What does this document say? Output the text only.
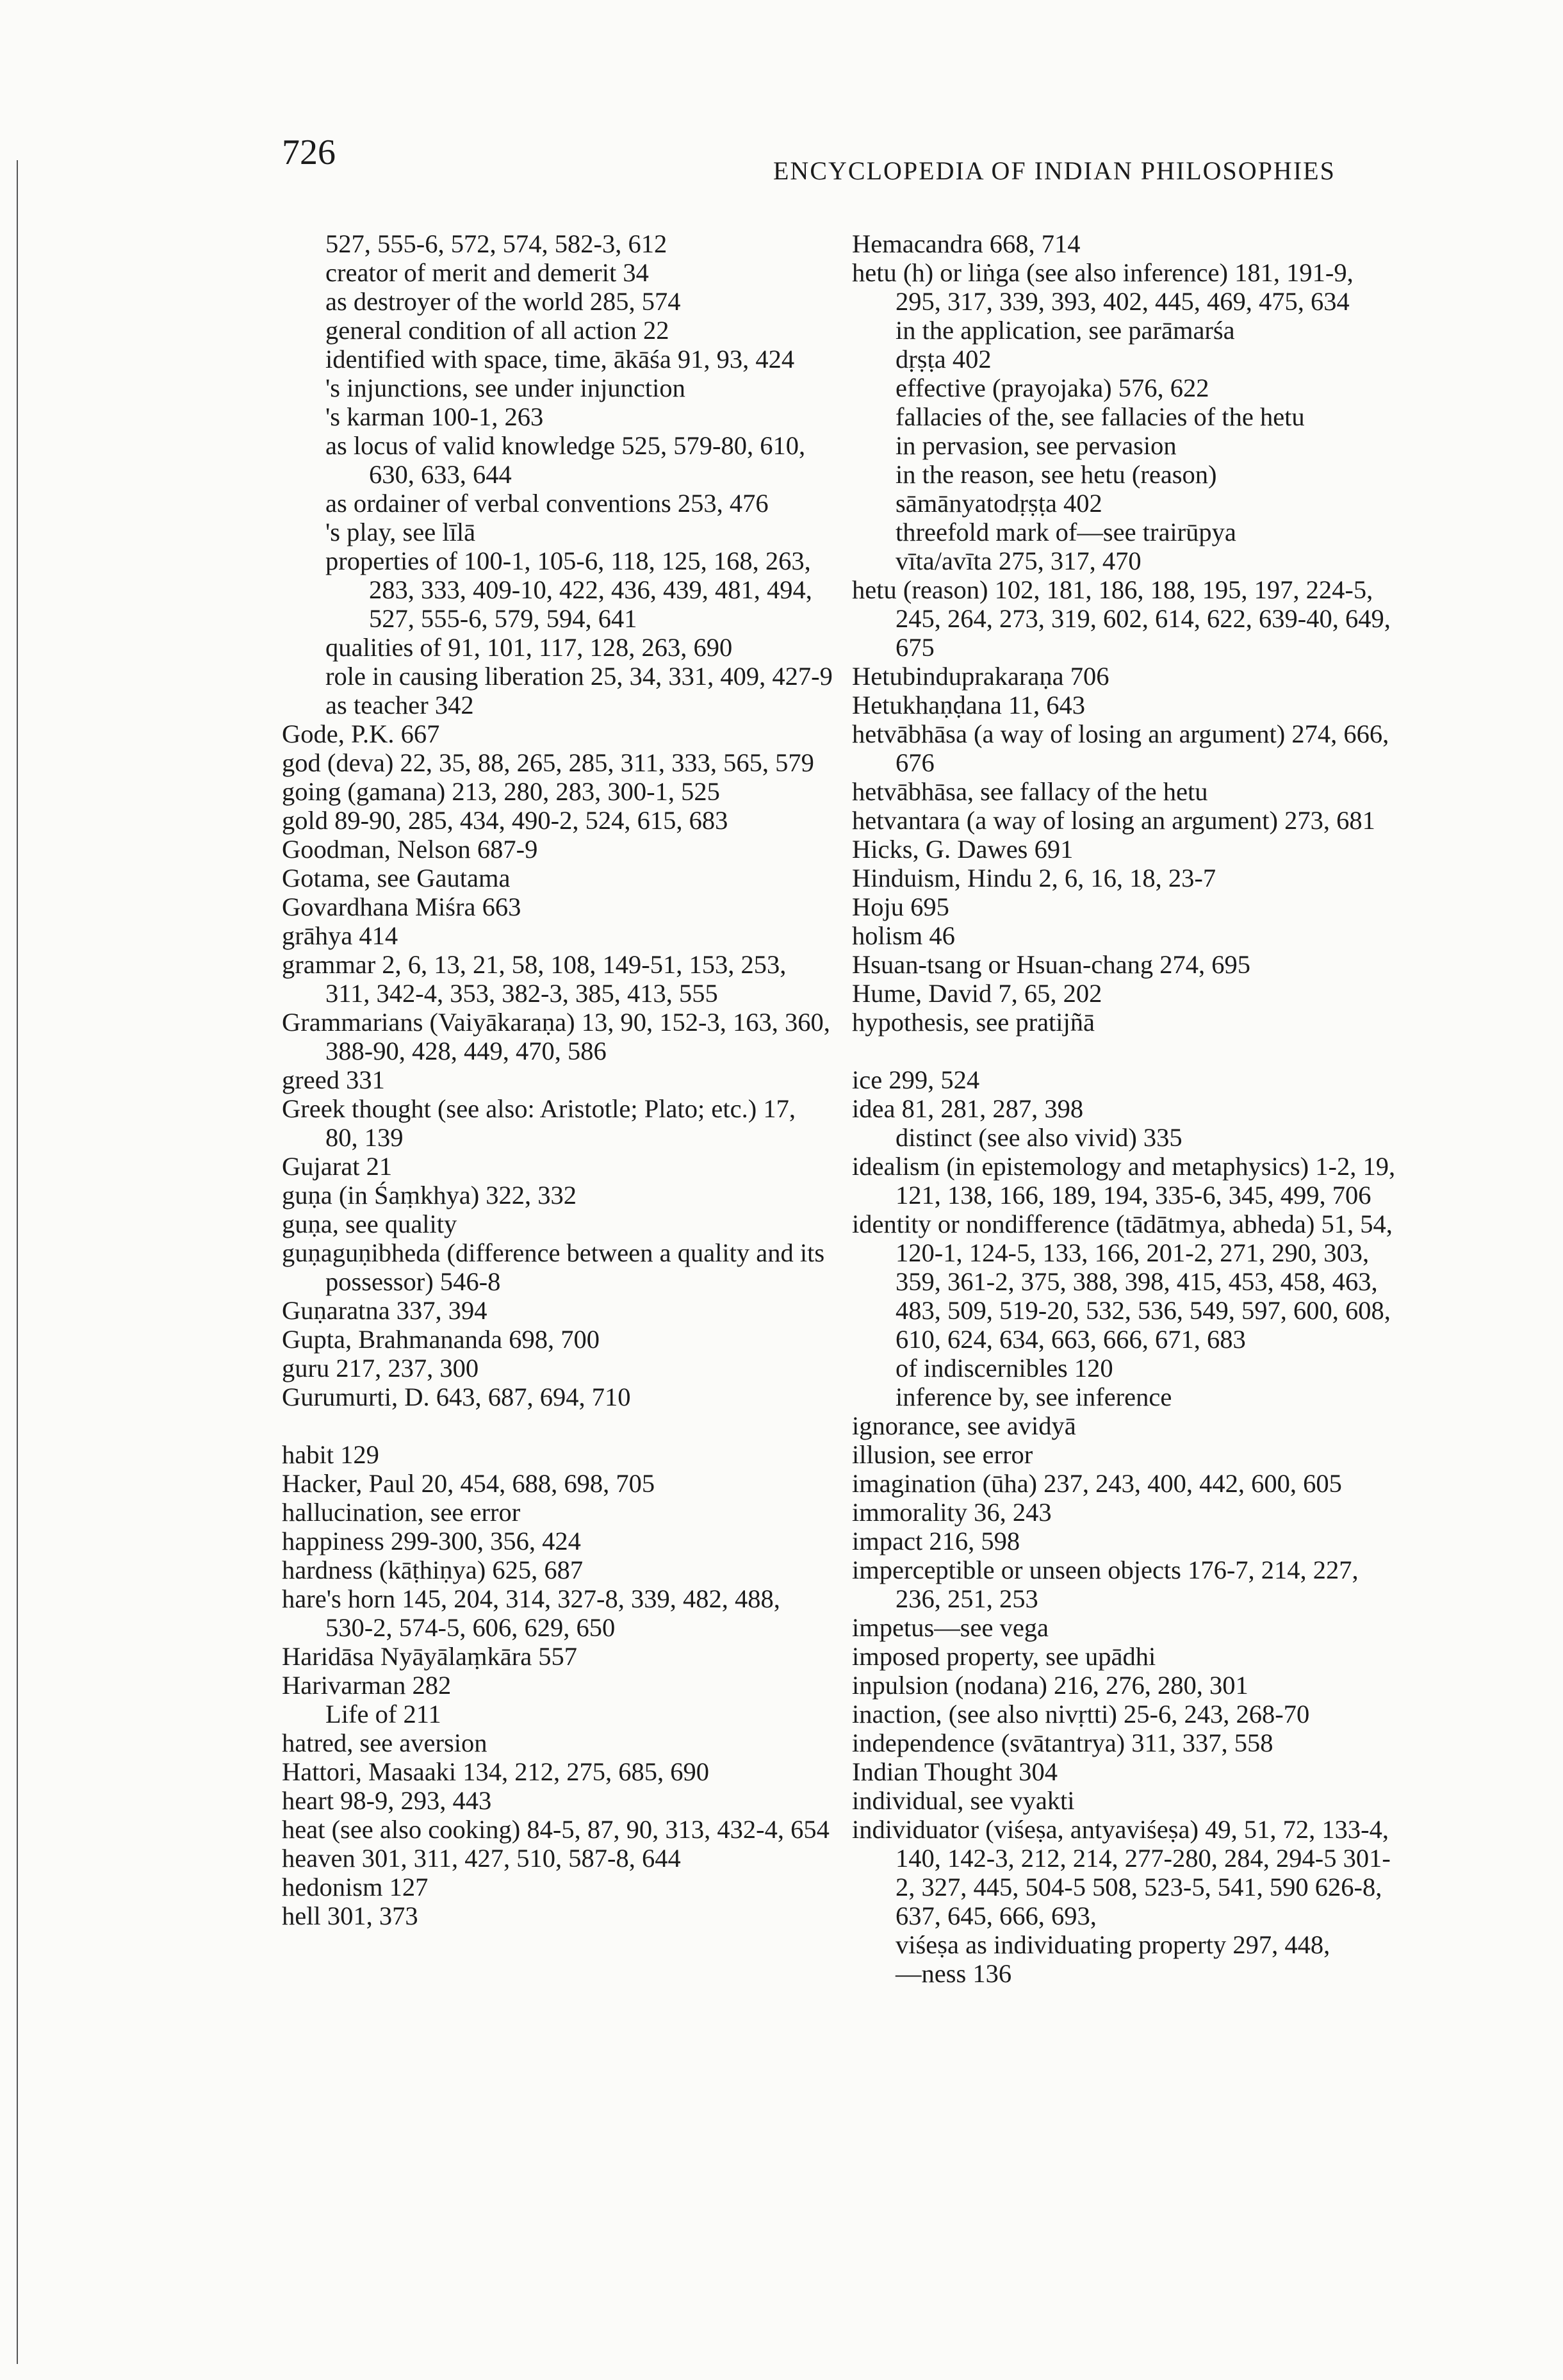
726	ENCYCLOPEDIA OF INDIAN PHILOSOPHIES
527, 555-6, 572, 574, 582-3, 612
creator of merit and demerit 34
as destroyer of the world 285, 574
general condition of all action 22
identified with space, time, ākāśa 91, 93, 424
's injunctions, see under injunction
's karman 100-1, 263
as locus of valid knowledge 525, 579-80, 610, 630, 633, 644
as ordainer of verbal conventions 253, 476
's play, see līlā
properties of 100-1, 105-6, 118, 125, 168, 263, 283, 333, 409-10, 422, 436, 439, 481, 494, 527, 555-6, 579, 594, 641
qualities of 91, 101, 117, 128, 263, 690
role in causing liberation 25, 34, 331, 409, 427-9
as teacher 342
Gode, P.K. 667
god (deva) 22, 35, 88, 265, 285, 311, 333, 565, 579
going (gamana) 213, 280, 283, 300-1, 525
gold 89-90, 285, 434, 490-2, 524, 615, 683
Goodman, Nelson 687-9
Gotama, see Gautama
Govardhana Miśra 663
grāhya 414
grammar 2, 6, 13, 21, 58, 108, 149-51, 153, 253, 311, 342-4, 353, 382-3, 385, 413, 555
Grammarians (Vaiyākaraṇa) 13, 90, 152-3, 163, 360, 388-90, 428, 449, 470, 586
greed 331
Greek thought (see also: Aristotle; Plato; etc.) 17, 80, 139
Gujarat 21
guṇa (in Śaṃkhya) 322, 332
guṇa, see quality
guṇaguṇibheda (difference between a quality and its possessor) 546-8
Guṇaratna 337, 394
Gupta, Brahmananda 698, 700
guru 217, 237, 300
Gurumurti, D. 643, 687, 694, 710
habit 129
Hacker, Paul 20, 454, 688, 698, 705
hallucination, see error
happiness 299-300, 356, 424
hardness (kāṭhiṇya) 625, 687
hare's horn 145, 204, 314, 327-8, 339, 482, 488, 530-2, 574-5, 606, 629, 650
Haridāsa Nyāyālaṃkāra 557
Harivarman 282
Life of 211
hatred, see aversion
Hattori, Masaaki 134, 212, 275, 685, 690
heart 98-9, 293, 443
heat (see also cooking) 84-5, 87, 90, 313, 432-4, 654
heaven 301, 311, 427, 510, 587-8, 644
hedonism 127
hell 301, 373
Hemacandra 668, 714
hetu (h) or liṅga (see also inference) 181, 191-9, 295, 317, 339, 393, 402, 445, 469, 475, 634
in the application, see parāmarśa
dṛṣṭa 402
effective (prayojaka) 576, 622
fallacies of the, see fallacies of the hetu
in pervasion, see pervasion
in the reason, see hetu (reason)
sāmānyatodṛṣṭa 402
threefold mark of—see trairūpya
vīta/avīta 275, 317, 470
hetu (reason) 102, 181, 186, 188, 195, 197, 224-5, 245, 264, 273, 319, 602, 614, 622, 639-40, 649, 675
Hetubinduprakaraṇa 706
Hetukhaṇḍana 11, 643
hetvābhāsa (a way of losing an argument) 274, 666, 676
hetvābhāsa, see fallacy of the hetu
hetvantara (a way of losing an argument) 273, 681
Hicks, G. Dawes 691
Hinduism, Hindu 2, 6, 16, 18, 23-7
Hoju 695
holism 46
Hsuan-tsang or Hsuan-chang 274, 695
Hume, David 7, 65, 202
hypothesis, see pratijñā
ice 299, 524
idea 81, 281, 287, 398
distinct (see also vivid) 335
idealism (in epistemology and metaphysics) 1-2, 19, 121, 138, 166, 189, 194, 335-6, 345, 499, 706
identity or nondifference (tādātmya, abheda) 51, 54, 120-1, 124-5, 133, 166, 201-2, 271, 290, 303, 359, 361-2, 375, 388, 398, 415, 453, 458, 463, 483, 509, 519-20, 532, 536, 549, 597, 600, 608, 610, 624, 634, 663, 666, 671, 683
of indiscernibles 120
inference by, see inference
ignorance, see avidyā
illusion, see error
imagination (ūha) 237, 243, 400, 442, 600, 605
immorality 36, 243
impact 216, 598
imperceptible or unseen objects 176-7, 214, 227, 236, 251, 253
impetus—see vega
imposed property, see upādhi
inpulsion (nodana) 216, 276, 280, 301
inaction, (see also nivṛtti) 25-6, 243, 268-70
independence (svātantrya) 311, 337, 558
Indian Thought 304
individual, see vyakti
individuator (viśeṣa, antyaviśeṣa) 49, 51, 72, 133-4, 140, 142-3, 212, 214, 277-280, 284, 294-5 301-2, 327, 445, 504-5 508, 523-5, 541, 590 626-8, 637, 645, 666, 693,
viśeṣa as individuating property 297, 448,
—ness 136
